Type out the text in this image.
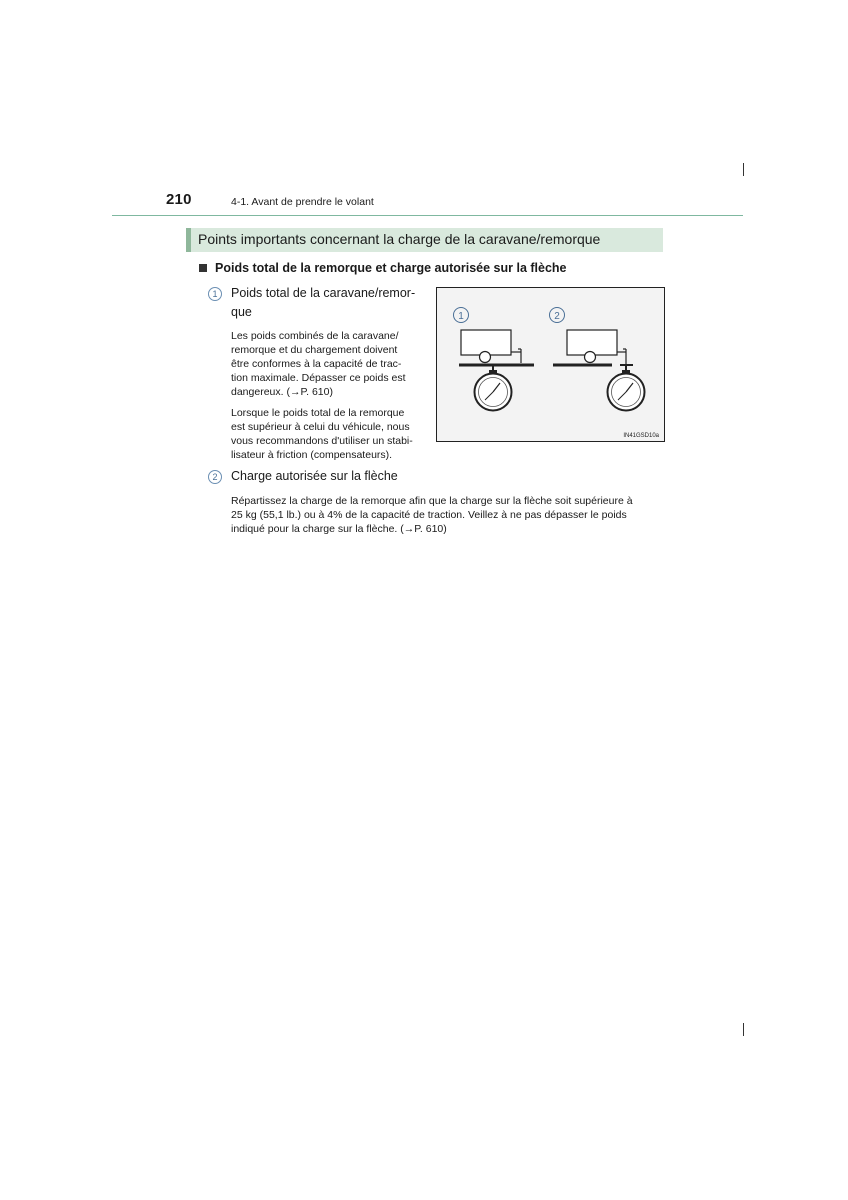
210	4-1. Avant de prendre le volant
Points importants concernant la charge de la caravane/remorque
Poids total de la remorque et charge autorisée sur la flèche
1	Poids total de la caravane/remor-
que
Les poids combinés de la caravane/
remorque et du chargement doivent
être conformes à la capacité de trac-
tion maximale. Dépasser ce poids est
dangereux. (→P. 610)
Lorsque le poids total de la remorque
est supérieur à celui du véhicule, nous
vous recommandons d'utiliser un stabi-
lisateur à friction (compensateurs).
1	2
IN41GSD10a
2	Charge autorisée sur la flèche
Répartissez la charge de la remorque afin que la charge sur la flèche soit supérieure à
25 kg (55,1 lb.) ou à 4% de la capacité de traction. Veillez à ne pas dépasser le poids
indiqué pour la charge sur la flèche. (→P. 610)
